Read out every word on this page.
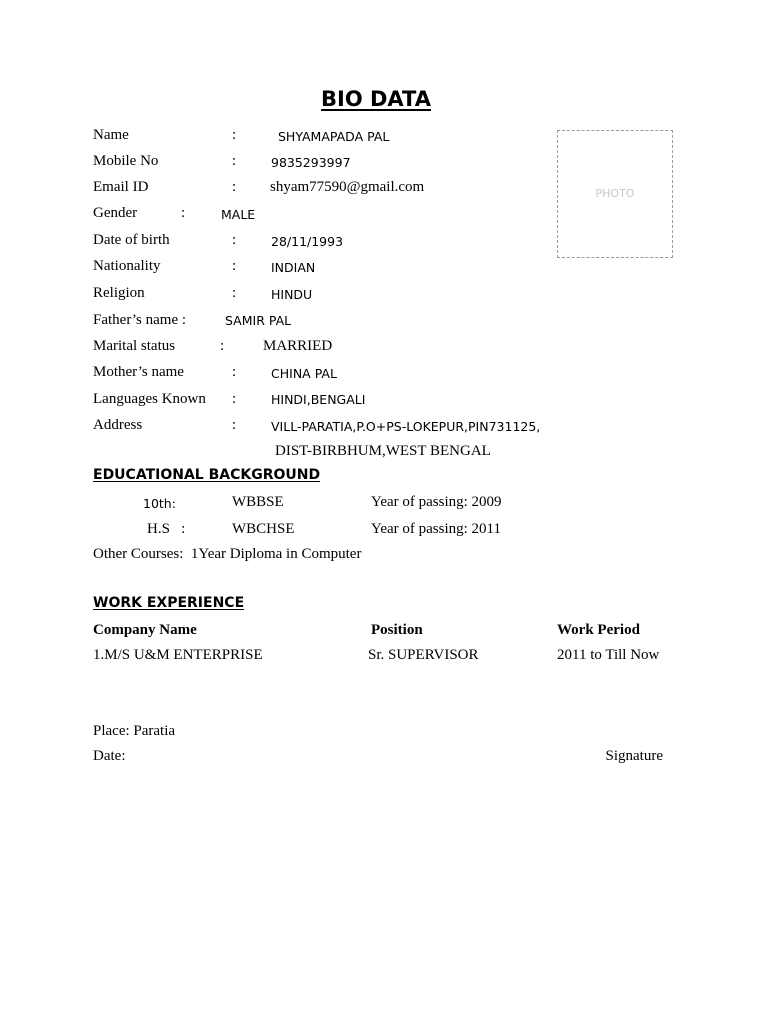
BIO DATA
PHOTO
Name	:	SHYAMAPADA PAL
Mobile No	:	9835293997
Email ID	: shyam77590@gmail.com
Gender	:	MALE
Date of birth	:	28/11/1993
Nationality	:	INDIAN
Religion	:	HINDU
Father’s name :	SAMIR PAL
Marital status	:	MARRIED
Mother’s name	:	CHINA PAL
Languages Known :	HINDI,BENGALI
Address	:	VILL-PARATIA,P.O+PS-LOKEPUR,PIN731125,
DIST-BIRBHUM,WEST BENGAL
EDUCATIONAL BACKGROUND
10th:	WBBSE	Year of passing: 2009
H.S   :	WBCHSE	Year of passing: 2011
Other Courses:  1Year Diploma in Computer
WORK EXPERIENCE
Company Name	Position	Work Period
1.M/S U&M ENTERPRISE	Sr. SUPERVISOR	2011 to Till Now
Place: Paratia
Date:	Signature
